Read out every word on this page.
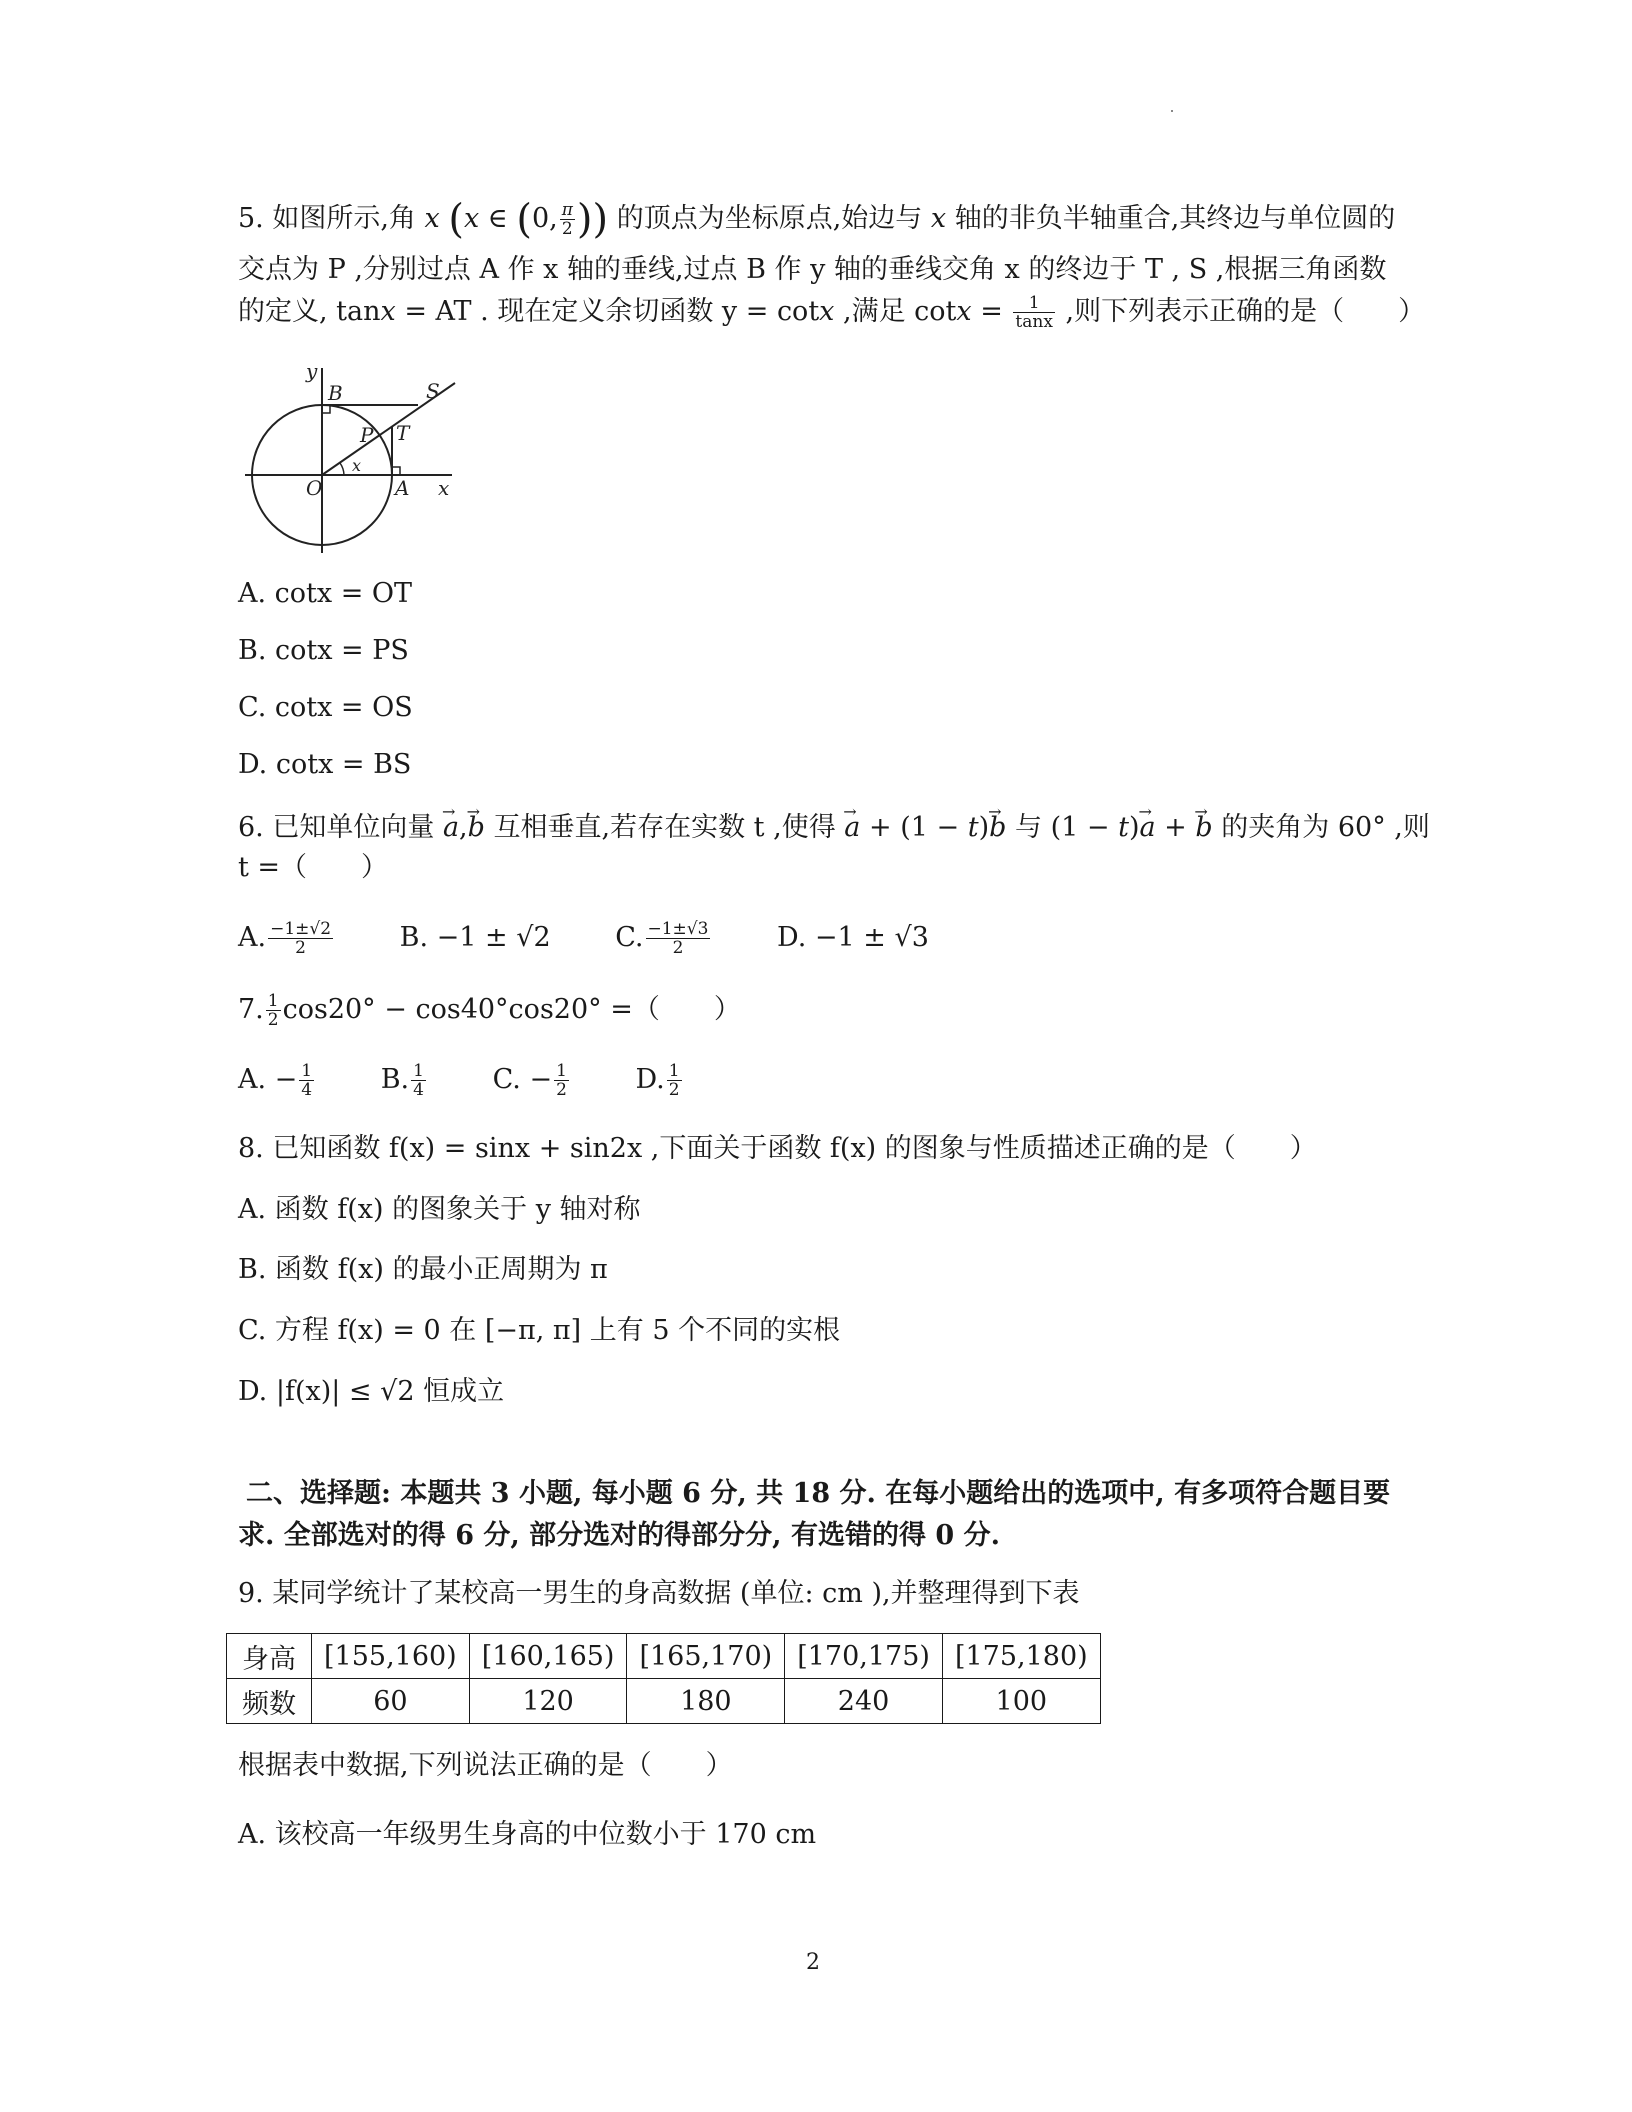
5. 如图所示,角 x (x ∈ (0, $\frac{\pi}{2}$ )) 的顶点为坐标原点,始边与 x 轴的非负半轴重合,其终边与单位圆的
交点为 P ,分别过点 A 作 x 轴的垂线,过点 B 作 y 轴的垂线交角 x 的终边于 T , S ,根据三角函数
的定义, tanx = AT . 现在定义余切函数 y = cotx ,满足 $\cot x = \frac{1}{\tan x}$ ,则下列表示正确的是（　　）
y
B	S
P T
O	A x
x
A. cotx = OT
B. cotx = PS
C. cotx = OS
D. cotx = BS
6. 已知单位向量 → a,→ b 互相垂直,若存在实数 t ,使得 → a + (1 − t)→ b 与 (1 − t)→ a + → b 的夹角为 60° ,则
t =（　　）
A. $\frac{-1\pm√2}{2} B$. −1 ± √2 C. $\frac{-1\pm√3}{2} D$. −1 ± √3
7. $\frac{1}{2} \cos 20^\circ - \cos 40^\circ\cos 20^\circ$ =（　　）
A. − $\frac{1}{4} B$. $\frac{1}{4} C$. − $\frac{1}{2} D$. $\frac{1}{2}$
8. 已知函数 f(x) = sinx + sin2x ,下面关于函数 f(x) 的图象与性质描述正确的是（　　）
A. 函数 f(x) 的图象关于 y 轴对称
B. 函数 f(x) 的最小正周期为 π
C. 方程 f(x) = 0 在 [−π, π] 上有 5 个不同的实根
D. |f(x)| ≤ √2 恒成立
二、选择题: 本题共 3 小题, 每小题 6 分, 共 18 分. 在每小题给出的选项中, 有多项符合题目要
求. 全部选对的得 6 分, 部分选对的得部分分, 有选错的得 0 分.
9. 某同学统计了某校高一男生的身高数据 (单位: cm ),并整理得到下表
身高	[155,160)	[160,165)	[165,170)	[170,175)	[175,180)
频数	60	120	180	240	100
根据表中数据,下列说法正确的是（　　）
A. 该校高一年级男生身高的中位数小于 170 cm
2
